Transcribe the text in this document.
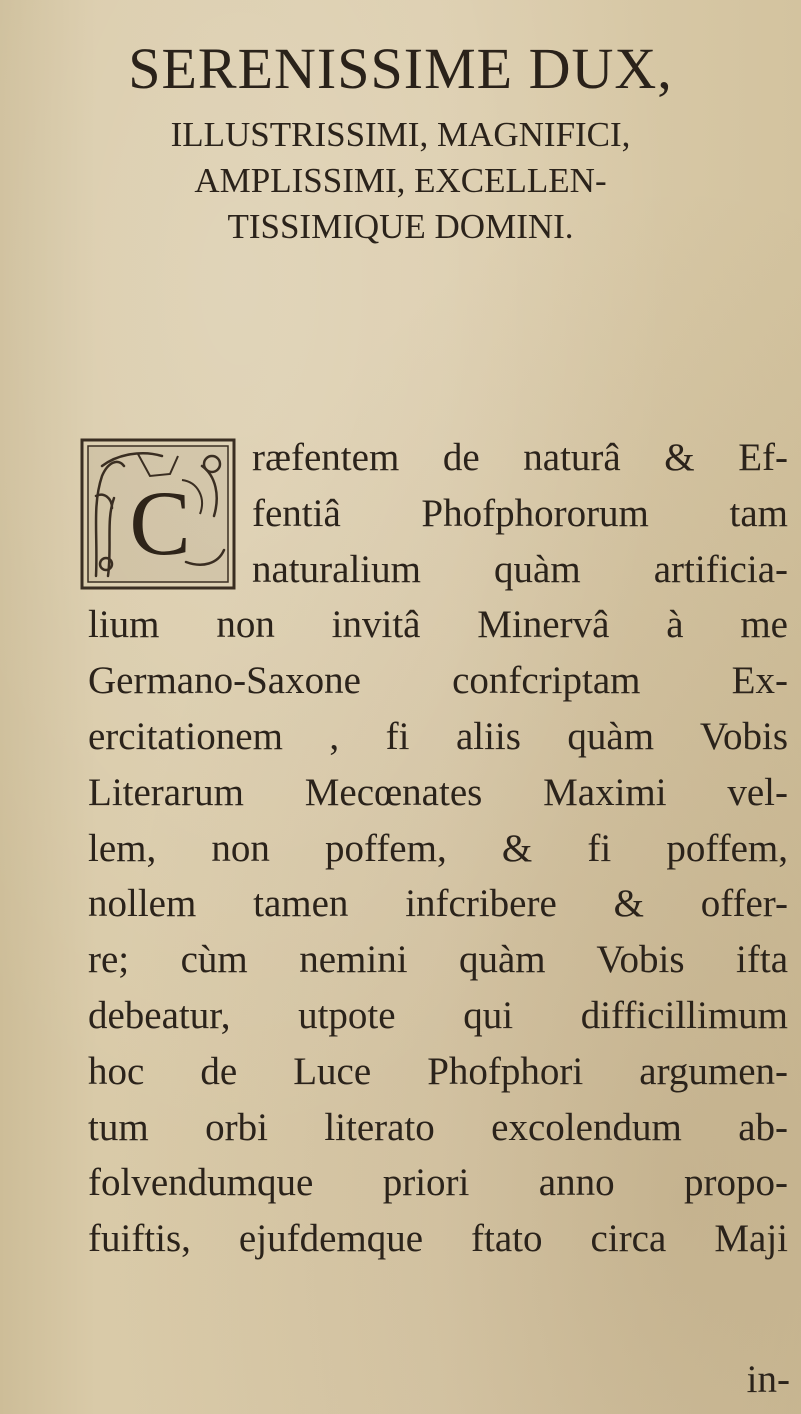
SERENISSIME DUX,
ILLUSTRISSIMI, MAGNIFICI,
AMPLISSIMI, EXCELLEN-
TISSIMIQUE DOMINI.
C
ræfentem de naturâ & Ef-
fentiâ Phofphororum tam
naturalium quàm artificia-
lium non invitâ Minervâ à me
Germano-Saxone confcriptam Ex-
ercitationem , fi aliis quàm Vobis
Literarum Mecœnates Maximi vel-
lem, non poffem, & fi poffem,
nollem tamen infcribere & offer-
re; cùm nemini quàm Vobis ifta
debeatur, utpote qui difficillimum
hoc de Luce Phofphori argumen-
tum orbi literato excolendum ab-
folvendumque priori anno propo-
fuiftis, ejufdemque ftato circa Maji
in-
